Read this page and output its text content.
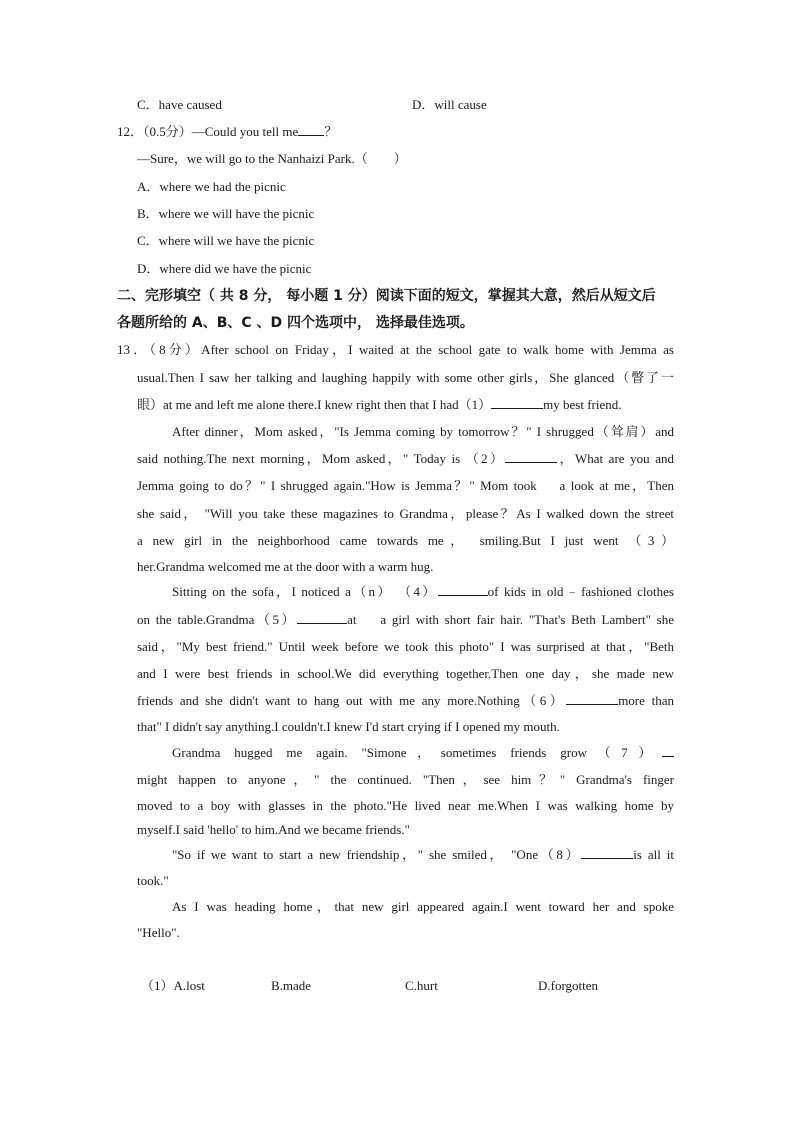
C．have caused	D．will cause
12．（0.5分）—Could you tell me ？
—Sure，we will go to the Nanhaizi Park.（　　）
A．where we had the picnic
B．where we will have the picnic
C．where will we have the picnic
D．where did we have the picnic
二、完形填空（ 共 8 分， 每小题 1 分）阅读下面的短文，掌握其大意，然后从短文后
各题所给的 A、B、C 、D 四个选项中， 选择最佳选项。
13．（8分）After school on Friday，I waited at the school gate to walk home with Jemma as
usual.Then I saw her talking and laughing happily with some other girls，She glanced（瞥了一
眼）at me and left me alone there.I knew right then that I had（1）	my best friend.
After dinner，Mom asked，"Is Jemma coming by tomorrow？" I shrugged（耸肩）and
said nothing.The next morning，Mom asked，" Today is （2）	，What are you and
Jemma going to do？" I shrugged again."How is Jemma？" Mom took　 a look at me，Then
she said， "Will you take these magazines to Grandma，please？As I walked down the street
a new girl in the neighborhood came towards me， smiling.But I just went （3）
her.Grandma welcomed me at the door with a warm hug.
Sitting on the sofa，I noticed a（n） （4）	of kids in old﹣fashioned clothes
on the table.Grandma（5）	at　 a girl with short fair hair. "That's Beth Lambert" she
said，"My best friend." Until week before we took this photo" I was surprised at that，"Beth
and I were best friends in school.We did everything together.Then one day，she made new
friends and she didn't want to hang out with me any more.Nothing（6）	more than
that" I didn't say anything.I couldn't.I knew I'd start crying if I opened my mouth.
Grandma hugged me again. "Simone，sometimes friends grow（7）
might happen to anyone，" the continued. "Then，see him？" Grandma's finger
moved to a boy with glasses in the photo."He lived near me.When I was walking home by
myself.I said 'hello' to him.And we became friends."
"So if we want to start a new friendship，" she smiled， "One（8）	is all it
took."
As I was heading home，that new girl appeared again.I went toward her and spoke
"Hello".
（1）A.lost	B.made	C.hurt	D.forgotten
